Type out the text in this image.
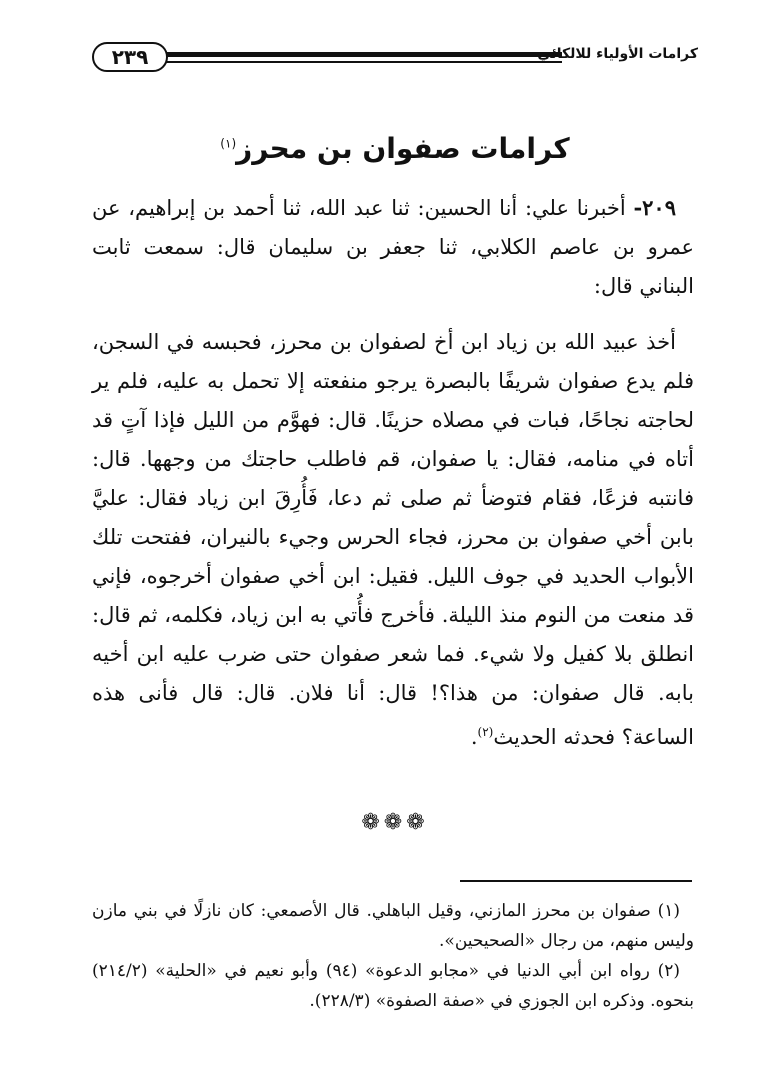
٢٣٩	كرامات الأولياء للالكائي
كرامات صفوان بن محرز$^{(١)}$

٢٠٩- أخبرنا علي: أنا الحسين: ثنا عبد الله، ثنا أحمد بن إبراهيم، عن عمرو بن عاصم الكلابي، ثنا جعفر بن سليمان قال: سمعت ثابت البناني قال:

أخذ عبيد الله بن زياد ابن أخ لصفوان بن محرز، فحبسه في السجن، فلم يدع صفوان شريفًا بالبصرة يرجو منفعته إلا تحمل به عليه، فلم ير لحاجته نجاحًا، فبات في مصلاه حزينًا. قال: فهوَّم من الليل فإذا آتٍ قد أتاه في منامه، فقال: يا صفوان، قم فاطلب حاجتك من وجهها. قال: فانتبه فزعًا، فقام فتوضأ ثم صلى ثم دعا، فَأُرِقَ ابن زياد فقال: عليَّ بابن أخي صفوان بن محرز، فجاء الحرس وجيء بالنيران، ففتحت تلك الأبواب الحديد في جوف الليل. فقيل: ابن أخي صفوان أخرجوه، فإني قد منعت من النوم منذ الليلة. فأخرج فأُتي به ابن زياد، فكلمه، ثم قال: انطلق بلا كفيل ولا شيء. فما شعر صفوان حتى ضرب عليه ابن أخيه بابه. قال صفوان: من هذا؟! قال: أنا فلان. قال: قال فأنى هذه الساعة؟ فحدثه الحديث$^{(٢)}$.

❁❁❁

(١) صفوان بن محرز المازني، وقيل الباهلي. قال الأصمعي: كان نازلًا في بني مازن وليس منهم، من رجال «الصحيحين».

(٢) رواه ابن أبي الدنيا في «مجابو الدعوة» (٩٤) وأبو نعيم في «الحلية» (٢١٤/٢) بنحوه. وذكره ابن الجوزي في «صفة الصفوة» (٢٢٨/٣).
